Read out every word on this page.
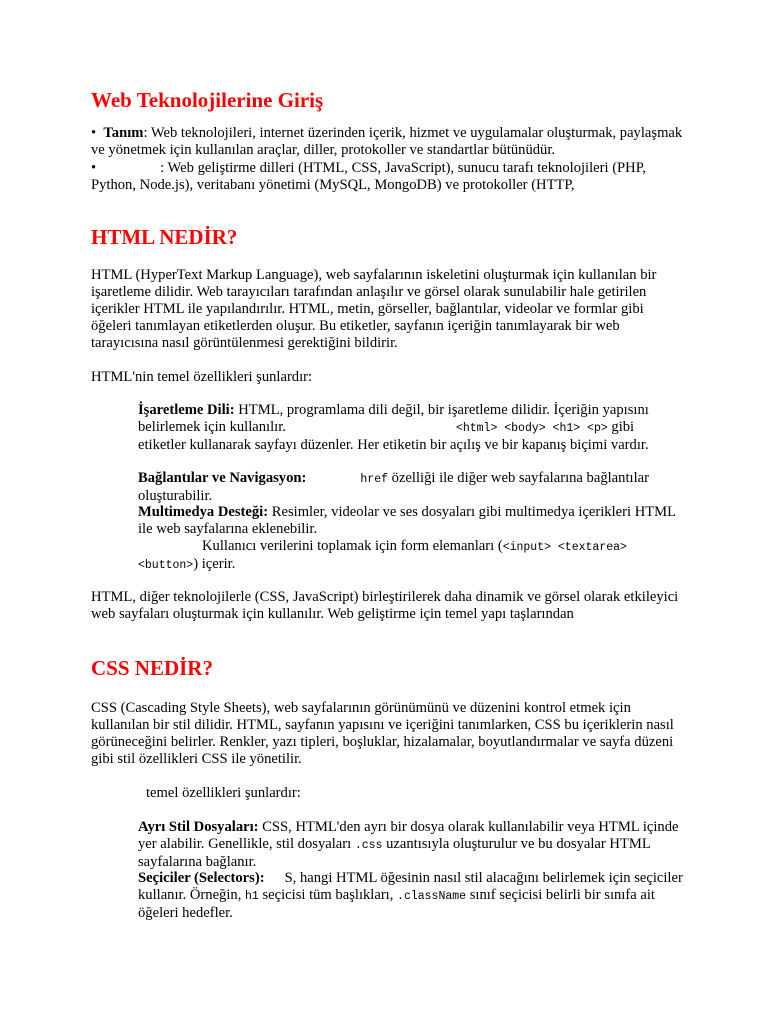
Web Teknolojilerine Giriş

•  Tanım: Web teknolojileri, internet üzerinden içerik, hizmet ve uygulamalar oluşturmak, paylaşmak ve yönetmek için kullanılan araçlar, diller, protokoller ve standartlar bütünüdür.

•	: Web geliştirme dilleri (HTML, CSS, JavaScript), sunucu tarafı teknolojileri (PHP, Python, Node.js), veritabanı yönetimi (MySQL, MongoDB) ve protokoller (HTTP,

HTML NEDİR?

HTML (HyperText Markup Language), web sayfalarının iskeletini oluşturmak için kullanılan bir işaretleme dilidir. Web tarayıcıları tarafından anlaşılır ve görsel olarak sunulabilir hale getirilen içerikler HTML ile yapılandırılır. HTML, metin, görseller, bağlantılar, videolar ve formlar gibi öğeleri tanımlayan etiketlerden oluşur. Bu etiketler, sayfanın içeriğin tanımlayarak bir web tarayıcısına nasıl görüntülenmesi gerektiğini bildirir.

HTML'nin temel özellikleri şunlardır:

İşaretleme Dili: HTML, programlama dili değil, bir işaretleme dilidir. İçeriğin yapısını belirlemek için kullanılır.	<html> <body> <h1> <p> gibi etiketler kullanarak sayfayı düzenler. Her etiketin bir açılış ve bir kapanış biçimi vardır.
Bağlantılar ve Navigasyon:	href özelliği ile diğer web sayfalarına bağlantılar oluşturabilir.
Multimedya Desteği: Resimler, videolar ve ses dosyaları gibi multimedya içerikleri HTML ile web sayfalarına eklenebilir.
Kullanıcı verilerini toplamak için form elemanları (<input> <textarea> <button>) içerir.

HTML, diğer teknolojilerle (CSS, JavaScript) birleştirilerek daha dinamik ve görsel olarak etkileyici web sayfaları oluşturmak için kullanılır. Web geliştirme için temel yapı taşlarından

CSS NEDİR?

CSS (Cascading Style Sheets), web sayfalarının görünümünü ve düzenini kontrol etmek için kullanılan bir stil dilidir. HTML, sayfanın yapısını ve içeriğini tanımlarken, CSS bu içeriklerin nasıl görüneceğini belirler. Renkler, yazı tipleri, boşluklar, hizalamalar, boyutlandırmalar ve sayfa düzeni gibi stil özellikleri CSS ile yönetilir.

temel özellikleri şunlardır:

Ayrı Stil Dosyaları: CSS, HTML'den ayrı bir dosya olarak kullanılabilir veya HTML içinde yer alabilir. Genellikle, stil dosyaları .css uzantısıyla oluşturulur ve bu dosyalar HTML sayfalarına bağlanır.
Seçiciler (Selectors): S, hangi HTML öğesinin nasıl stil alacağını belirlemek için seçiciler kullanır. Örneğin, h1 seçicisi tüm başlıkları, .className sınıf seçicisi belirli bir sınıfa ait öğeleri hedefler.
